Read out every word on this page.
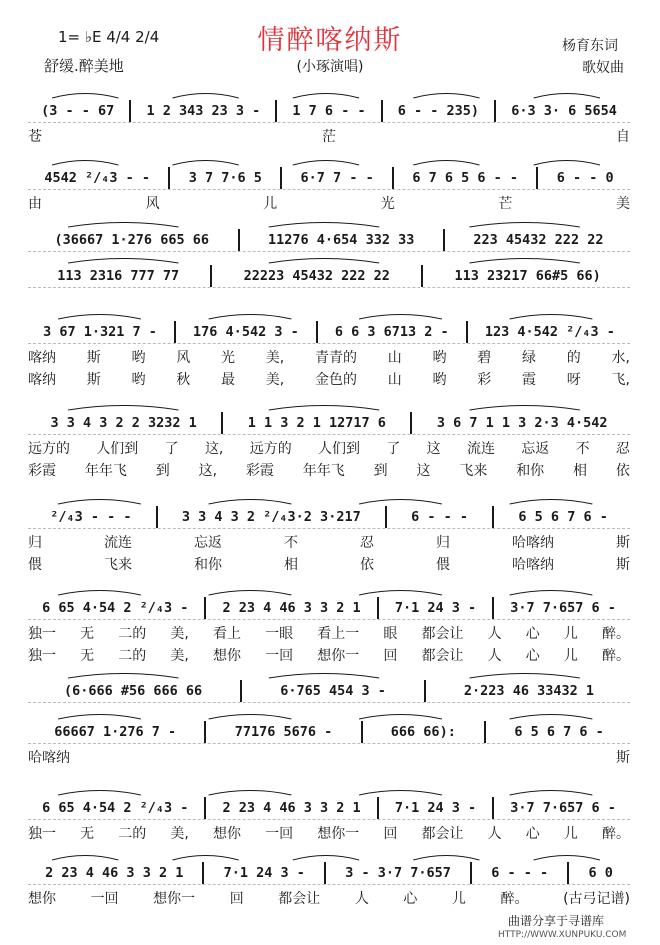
情醉喀纳斯
1= ♭E 4/4 2/4
舒缓.醉美地	(小琢演唱)
杨育东词
歌奴曲
(3 - - 67	1 2 343 23 3 -	1 7 6 - -	6 - - 235)	6·3 3· 6 5654
苍	茫	自
4542 ²/₄3 - -	3 7 7·6 5	6·7 7 - -	6 7 6 5 6 - -	6 - - 0
由	风	儿	光	芒	美
(36667 1·276 665 66	11276 4·654 332 33	223 45432 222 22
113 2316 777 77	22223 45432 222 22	113 23217 66#5 66)
3 67 1·321 7 -	176 4·542 3 -	6 6 3 6713 2 -	123 4·542 ²/₄3 -
喀纳 斯 哟 风 光 美, 青青的 山 哟 碧 绿 的 水,
喀纳 斯 哟 秋 最 美, 金色的 山 哟 彩 霞 呀 飞,
3 3 4 3 2 2 3232 1	1 1 3 2 1 12717 6	3 6 7 1 1 3 2·3 4·542
远方的 人们到 了 这, 远方的 人们到 了 这 流连 忘返 不 忍
彩霞 年年飞 到 这, 彩霞 年年飞 到 这 飞来 和你 相 依
²/₄3 - - -	3 3 4 3 2 ²/₄3·2 3·217	6 - - -	6 5 6 7 6 -
归	流连	忘返	不	忍	归	哈喀纳	斯
偎	飞来	和你	相	依	偎	哈喀纳	斯
6 65 4·54 2 ²/₄3 -	2 23 4 46 3 3 2 1	7·1 24 3 -	3·7 7·657 6 -
独一 无 二的 美, 看上 一眼 看上一 眼 都会让 人 心 儿 醉。
独一 无 二的 美, 想你 一回 想你一 回 都会让 人 心 儿 醉。
(6·666 #56 666 66	6·765 454 3 -	2·223 46 33432 1
66667 1·276 7 -	77176 5676 -	666 66):	6 5 6 7 6 -
哈喀纳	斯
6 65 4·54 2 ²/₄3 -	2 23 4 46 3 3 2 1	7·1 24 3 -	3·7 7·657 6 -
独一 无 二的 美, 想你 一回 想你一 回 都会让 人 心 儿 醉。
2 23 4 46 3 3 2 1	7·1 24 3 -	3 - 3·7 7·657	6 - - -	6 0
想你 一回 想你一 回 都会让 人 心 儿 醉。 (古弓记谱)
曲谱分享于寻谱库
HTTP://WWW.XUNPUKU.COM
